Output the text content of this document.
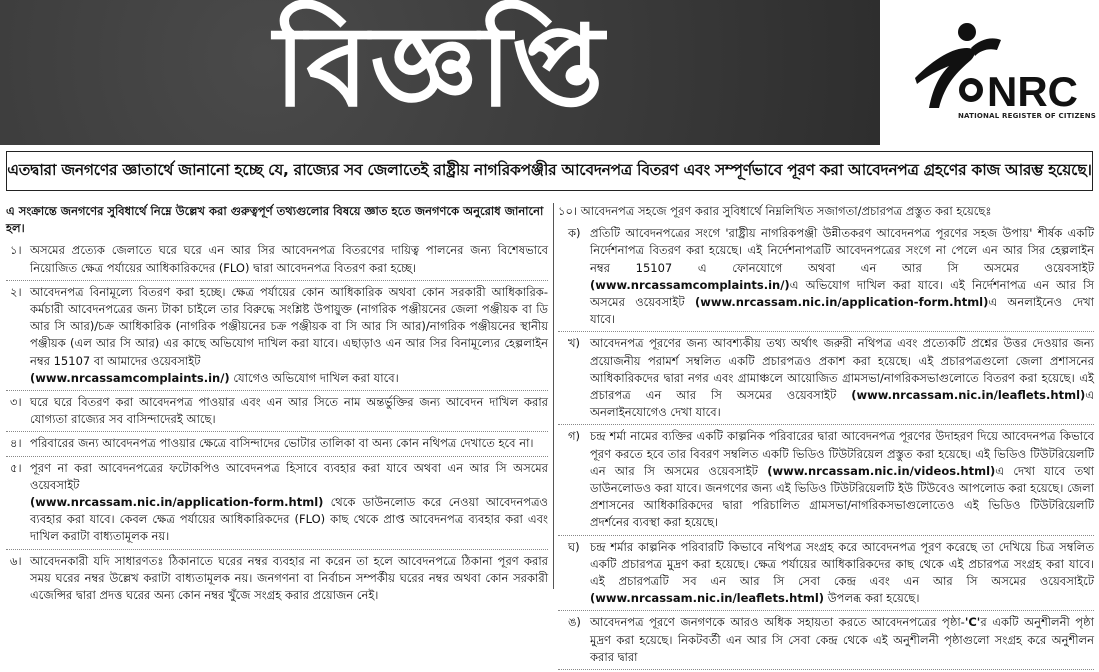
বিজ্ঞপ্তি	NRC
NATIONAL REGISTER OF CITIZENS
এতদ্বারা জনগণের জ্ঞাতার্থে জানানো হচ্ছে যে, রাজ্যের সব জেলাতেই রাষ্ট্রীয় নাগরিকপঞ্জীর আবেদনপত্র বিতরণ এবং সম্পূর্ণভাবে পূরণ করা আবেদনপত্র গ্রহণের কাজ আরম্ভ হয়েছে।
এ সংক্রান্তে জনগণের সুবিধার্থে নিম্নে উল্লেখ করা গুরুত্বপূর্ণ তথ্যগুলোর বিষয়ে জ্ঞাত হতে জনগণকে অনুরোধ জানানো হল।
১। অসমের প্রত্যেক জেলাতে ঘরে ঘরে এন আর সির আবেদনপত্র বিতরণের দায়িত্ব পালনের জন্য বিশেষভাবে নিয়োজিত ক্ষেত্র পর্যায়ের আধিকারিকদের (FLO) দ্বারা আবেদনপত্র বিতরণ করা হচ্ছে।
২। আবেদনপত্র বিনামূল্যে বিতরণ করা হচ্ছে। ক্ষেত্র পর্যায়ের কোন আধিকারিক অথবা কোন সরকারী আধিকারিক-কর্মচারী আবেদনপত্রের জন্য টাকা চাইলে তার বিরুদ্ধে সংশ্লিষ্ট উপায়ুক্ত (নাগরিক পঞ্জীয়নের জেলা পঞ্জীয়ক বা ডি আর সি আর)/চক্র আধিকারিক (নাগরিক পঞ্জীয়নের চক্র পঞ্জীয়ক বা সি আর সি আর)/নাগরিক পঞ্জীয়নের স্থানীয় পঞ্জীয়ক (এল আর সি আর) এর কাছে অভিযোগ দাখিল করা যাবে। এছাড়াও এন আর সির বিনামূল্যের হেল্পলাইন নম্বর 15107 বা আমাদের ওয়েবসাইট
(www.nrcassamcomplaints.in/) যোগেও অভিযোগ দাখিল করা যাবে।
৩। ঘরে ঘরে বিতরণ করা আবেদনপত্র পাওয়ার এবং এন আর সিতে নাম অন্তর্ভুক্তির জন্য আবেদন দাখিল করার যোগ্যতা রাজ্যের সব বাসিন্দাদেরই আছে।
৪। পরিবারের জন্য আবেদনপত্র পাওয়ার ক্ষেত্রে বাসিন্দাদের ভোটার তালিকা বা অন্য কোন নথিপত্র দেখাতে হবে না।
৫। পূরণ না করা আবেদনপত্রের ফটোকপিও আবেদনপত্র হিসাবে ব্যবহার করা যাবে অথবা এন আর সি অসমের ওয়েবসাইট
(www.nrcassam.nic.in/application-form.html) থেকে ডাউনলোড করে নেওয়া আবেদনপত্রও ব্যবহার করা যাবে। কেবল ক্ষেত্র পর্যায়ের আধিকারিকদের (FLO) কাছ থেকে প্রাপ্ত আবেদনপত্র ব্যবহার করা এবং দাখিল করাটা বাধ্যতামূলক নয়।
৬। আবেদনকারী যদি সাধারণতঃ ঠিকানাতে ঘরের নম্বর ব্যবহার না করেন তা হলে আবেদনপত্রে ঠিকানা পূরণ করার সময় ঘরের নম্বর উল্লেখ করাটা বাধ্যতামূলক নয়। জনগণনা বা নির্বাচন সম্পর্কীয় ঘরের নম্বর অথবা কোন সরকারী এজেন্সির দ্বারা প্রদত্ত ঘরের অন্য কোন নম্বর খুঁজে সংগ্রহ করার প্রয়োজন নেই।
১০। আবেদনপত্র সহজে পূরণ করার সুবিধার্থে নিম্নলিখিত সজাগতা/প্রচারপত্র প্রস্তুত করা হয়েছেঃ
ক) প্রতিটি আবেদনপত্রের সংগে 'রাষ্ট্রীয় নাগরিকপঞ্জী উন্নীতকরণ আবেদনপত্র পূরণের সহজ উপায়' শীর্ষক একটি নির্দেশনাপত্র বিতরণ করা হয়েছে। এই নির্দেশনাপত্রটি আবেদনপত্রের সংগে না পেলে এন আর সির হেল্পলাইন নম্বর 15107 এ ফোনযোগে অথবা এন আর সি অসমের ওয়েবসাইট (www.nrcassamcomplaints.in/)এ অভিযোগ দাখিল করা যাবে। এই নির্দেশনাপত্র এন আর সি অসমের ওয়েবসাইট (www.nrcassam.nic.in/application-form.html)এ অনলাইনেও দেখা যাবে।
খ) আবেদনপত্র পূরণের জন্য আবশ্যকীয় তথ্য অর্থাৎ জরুরী নথিপত্র এবং প্রত্যেকটি প্রশ্নের উত্তর দেওয়ার জন্য প্রয়োজনীয় পরামর্শ সম্বলিত একটি প্রচারপত্রও প্রকাশ করা হয়েছে। এই প্রচারপত্রগুলো জেলা প্রশাসনের আধিকারিকদের দ্বারা নগর এবং গ্রামাঞ্চলে আয়োজিত গ্রামসভা/নাগরিকসভাগুলোতে বিতরণ করা হয়েছে। এই প্রচারপত্র এন আর সি অসমের ওয়েবসাইট (www.nrcassam.nic.in/leaflets.html)এ অনলাইনযোগেও দেখা যাবে।
গ) চন্দ্র শর্মা নামের ব্যক্তির একটি কাল্পনিক পরিবারের দ্বারা আবেদনপত্র পূরণের উদাহরণ দিয়ে আবেদনপত্র কিভাবে পূরণ করতে হবে তার বিবরণ সম্বলিত একটি ভিডিও টিউটরিয়েল প্রস্তুত করা হয়েছে। এই ভিডিও টিউটরিয়েলটি এন আর সি অসমের ওয়েবসাইট (www.nrcassam.nic.in/videos.html)এ দেখা যাবে তথা ডাউনলোডও করা যাবে। জনগণের জন্য এই ভিডিও টিউটরিয়েলটি ইউ টিউবেও আপলোড করা হয়েছে। জেলা প্রশাসনের আধিকারিকদের দ্বারা পরিচালিত গ্রামসভা/নাগরিকসভাগুলোতেও এই ভিডিও টিউটরিয়েলটি প্রদর্শনের ব্যবস্থা করা হয়েছে।
ঘ) চন্দ্র শর্মার কাল্পনিক পরিবারটি কিভাবে নথিপত্র সংগ্রহ করে আবেদনপত্র পূরণ করেছে তা দেখিয়ে চিত্র সম্বলিত একটি প্রচারপত্র মুদ্রণ করা হয়েছে। ক্ষেত্র পর্যায়ের আধিকারিকদের কাছ থেকে এই প্রচারপত্র সংগ্রহ করা যাবে। এই প্রচারপত্রটি সব এন আর সি সেবা কেন্দ্র এবং এন আর সি অসমের ওয়েবসাইটে (www.nrcassam.nic.in/leaflets.html) উপলব্ধ করা হয়েছে।
ঙ) আবেদনপত্র পূরণে জনগণকে আরও অধিক সহায়তা করতে আবেদনপত্রের পৃষ্ঠা-'C'র একটি অনুশীলনী পৃষ্ঠা মুদ্রণ করা হয়েছে। নিকটবর্তী এন আর সি সেবা কেন্দ্র থেকে এই অনুশীলনী পৃষ্ঠাগুলো সংগ্রহ করে অনুশীলন করার দ্বারা
